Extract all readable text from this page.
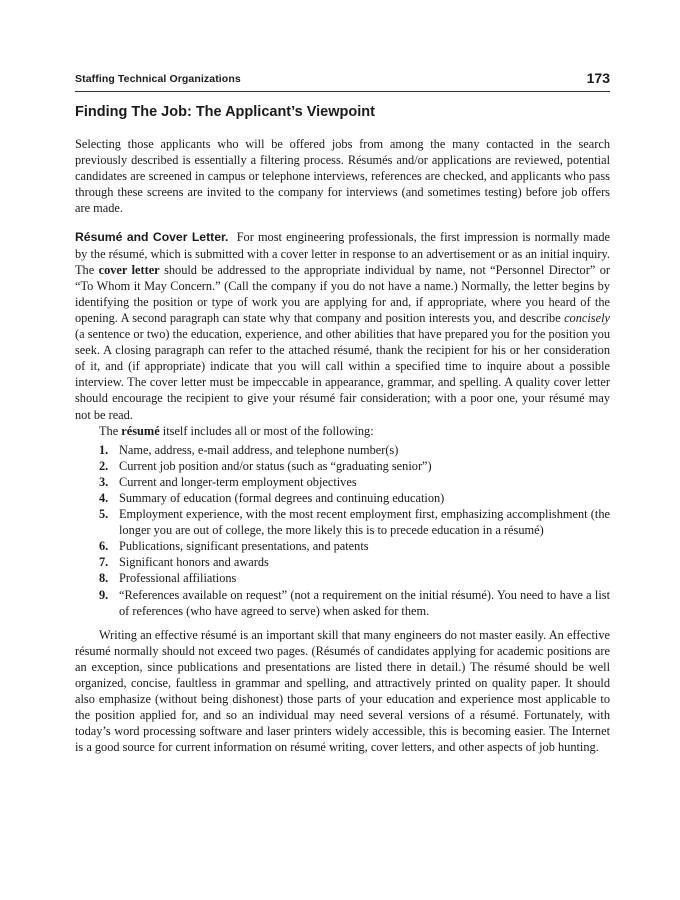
Staffing Technical Organizations	173
Finding The Job: The Applicant’s Viewpoint

Selecting those applicants who will be offered jobs from among the many contacted in the search previously described is essentially a filtering process. Résumés and/or applications are reviewed, potential candidates are screened in campus or telephone interviews, references are checked, and applicants who pass through these screens are invited to the company for interviews (and sometimes testing) before job offers are made.

Résumé and Cover Letter. For most engineering professionals, the first impression is normally made by the résumé, which is submitted with a cover letter in response to an advertisement or as an initial inquiry. The cover letter should be addressed to the appropriate individual by name, not “Personnel Director” or “To Whom it May Concern.” (Call the company if you do not have a name.) Normally, the letter begins by identifying the position or type of work you are applying for and, if appropriate, where you heard of the opening. A second paragraph can state why that company and position interests you, and describe concisely (a sentence or two) the education, experience, and other abilities that have prepared you for the position you seek. A closing paragraph can refer to the attached résumé, thank the recipient for his or her consideration of it, and (if appropriate) indicate that you will call within a specified time to inquire about a possible interview. The cover letter must be impeccable in appearance, grammar, and spelling. A quality cover letter should encourage the recipient to give your résumé fair consideration; with a poor one, your résumé may not be read.

The résumé itself includes all or most of the following:

1. Name, address, e-mail address, and telephone number(s)
2. Current job position and/or status (such as “graduating senior”)
3. Current and longer-term employment objectives
4. Summary of education (formal degrees and continuing education)
5. Employment experience, with the most recent employment first, emphasizing accomplishment (the longer you are out of college, the more likely this is to precede education in a résumé)
6. Publications, significant presentations, and patents
7. Significant honors and awards
8. Professional affiliations
9. “References available on request” (not a requirement on the initial résumé). You need to have a list of references (who have agreed to serve) when asked for them.

Writing an effective résumé is an important skill that many engineers do not master easily. An effective résumé normally should not exceed two pages. (Résumés of candidates applying for academic positions are an exception, since publications and presentations are listed there in detail.) The résumé should be well organized, concise, faultless in grammar and spelling, and attractively printed on quality paper. It should also emphasize (without being dishonest) those parts of your education and experience most applicable to the position applied for, and so an individual may need several versions of a résumé. Fortunately, with today’s word processing software and laser printers widely accessible, this is becoming easier. The Internet is a good source for current information on résumé writing, cover letters, and other aspects of job hunting.
